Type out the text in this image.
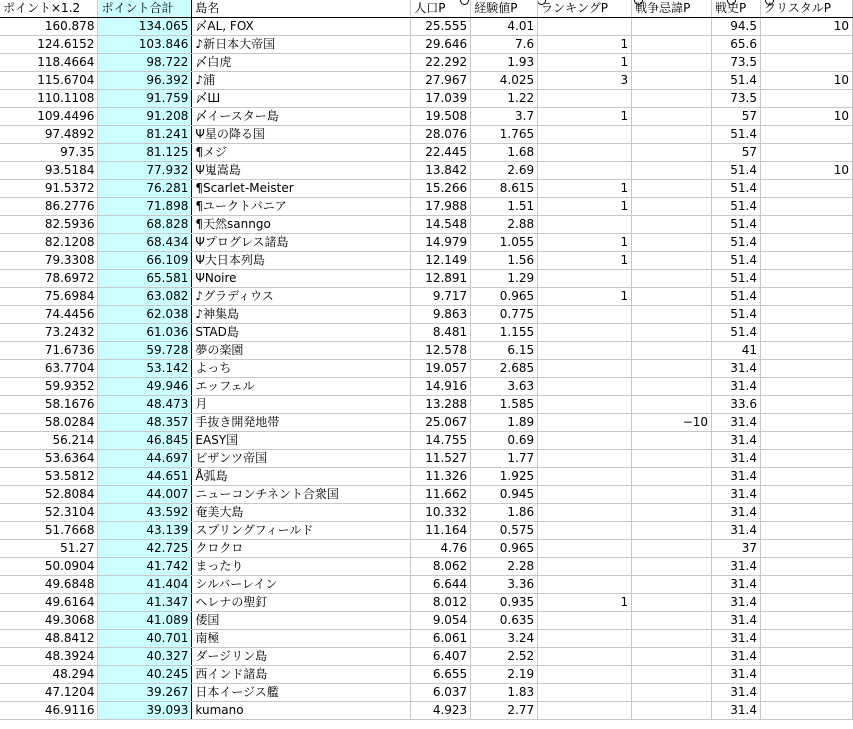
ポイント×1.2	ポイント合計	島名	人口P	経験値P	ランキングP	戦争忌諱P	戦史P	クリスタルP
160.878	134.065	〆AL, FOX	25.555	4.01			94.5	10
124.6152	103.846	♪新日本大帝国	29.646	7.6	1		65.6	
118.4664	98.722	〆白虎	22.292	1.93	1		73.5	
115.6704	96.392	♪浦	27.967	4.025	3		51.4	10
110.1108	91.759	〆Ш	17.039	1.22			73.5	
109.4496	91.208	〆イースター島	19.508	3.7	1		57	10
97.4892	81.241	Ψ星の降る国	28.076	1.765			51.4	
97.35	81.125	¶メジ	22.445	1.68			57	
93.5184	77.932	Ψ嵬嵩島	13.842	2.69			51.4	10
91.5372	76.281	¶Scarlet-Meister	15.266	8.615	1		51.4	
86.2776	71.898	¶ユークトバニア	17.988	1.51	1		51.4	
82.5936	68.828	¶天然sanngo	14.548	2.88			51.4	
82.1208	68.434	Ψプログレス諸島	14.979	1.055	1		51.4	
79.3308	66.109	Ψ大日本列島	12.149	1.56	1		51.4	
78.6972	65.581	ΨNoire	12.891	1.29			51.4	
75.6984	63.082	♪グラディウス	9.717	0.965	1		51.4	
74.4456	62.038	♪神集島	9.863	0.775			51.4	
73.2432	61.036	STAD島	8.481	1.155			51.4	
71.6736	59.728	夢の楽園	12.578	6.15			41	
63.7704	53.142	よっち	19.057	2.685			31.4	
59.9352	49.946	エッフェル	14.916	3.63			31.4	
58.1676	48.473	月	13.288	1.585			33.6	
58.0284	48.357	手抜き開発地帯	25.067	1.89		−10	31.4	
56.214	46.845	EASY国	14.755	0.69			31.4	
53.6364	44.697	ビザンツ帝国	11.527	1.77			31.4	
53.5812	44.651	Å弧島	11.326	1.925			31.4	
52.8084	44.007	ニューコンチネント合衆国	11.662	0.945			31.4	
52.3104	43.592	奄美大島	10.332	1.86			31.4	
51.7668	43.139	スプリングフィールド	11.164	0.575			31.4	
51.27	42.725	クロクロ	4.76	0.965			37	
50.0904	41.742	まったり	8.062	2.28			31.4	
49.6848	41.404	シルバーレイン	6.644	3.36			31.4	
49.6164	41.347	ヘレナの聖釘	8.012	0.935	1		31.4	
49.3068	41.089	倭国	9.054	0.635			31.4	
48.8412	40.701	南極	6.061	3.24			31.4	
48.3924	40.327	ダージリン島	6.407	2.52			31.4	
48.294	40.245	西インド諸島	6.655	2.19			31.4	
47.1204	39.267	日本イージス艦	6.037	1.83			31.4	
46.9116	39.093	kumano	4.923	2.77			31.4	
